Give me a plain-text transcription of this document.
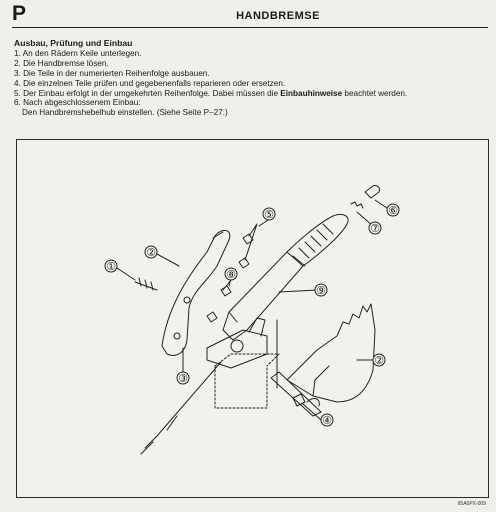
P	HANDBREMSE
Ausbau, Prüfung und Einbau
1. An den Rädern Keile unterlegen.
2. Die Handbremse lösen.
3. Die Teile in der numerierten Reihenfolge ausbauen.
4. Die einzelnen Teile prüfen und gegebenenfalls reparieren oder ersetzen.
5. Der Einbau erfolgt in der umgekehrten Reihenfolge. Dabei müssen die Einbauhinweise beachtet werden.
6. Nach abgeschlossenem Einbau:
Den Handbremshebelhub einstellen. (Siehe Seite P–27.)
①
②
③
④
⑤	⑥
⑦
⑧
⑨
②
95A0PX-009
